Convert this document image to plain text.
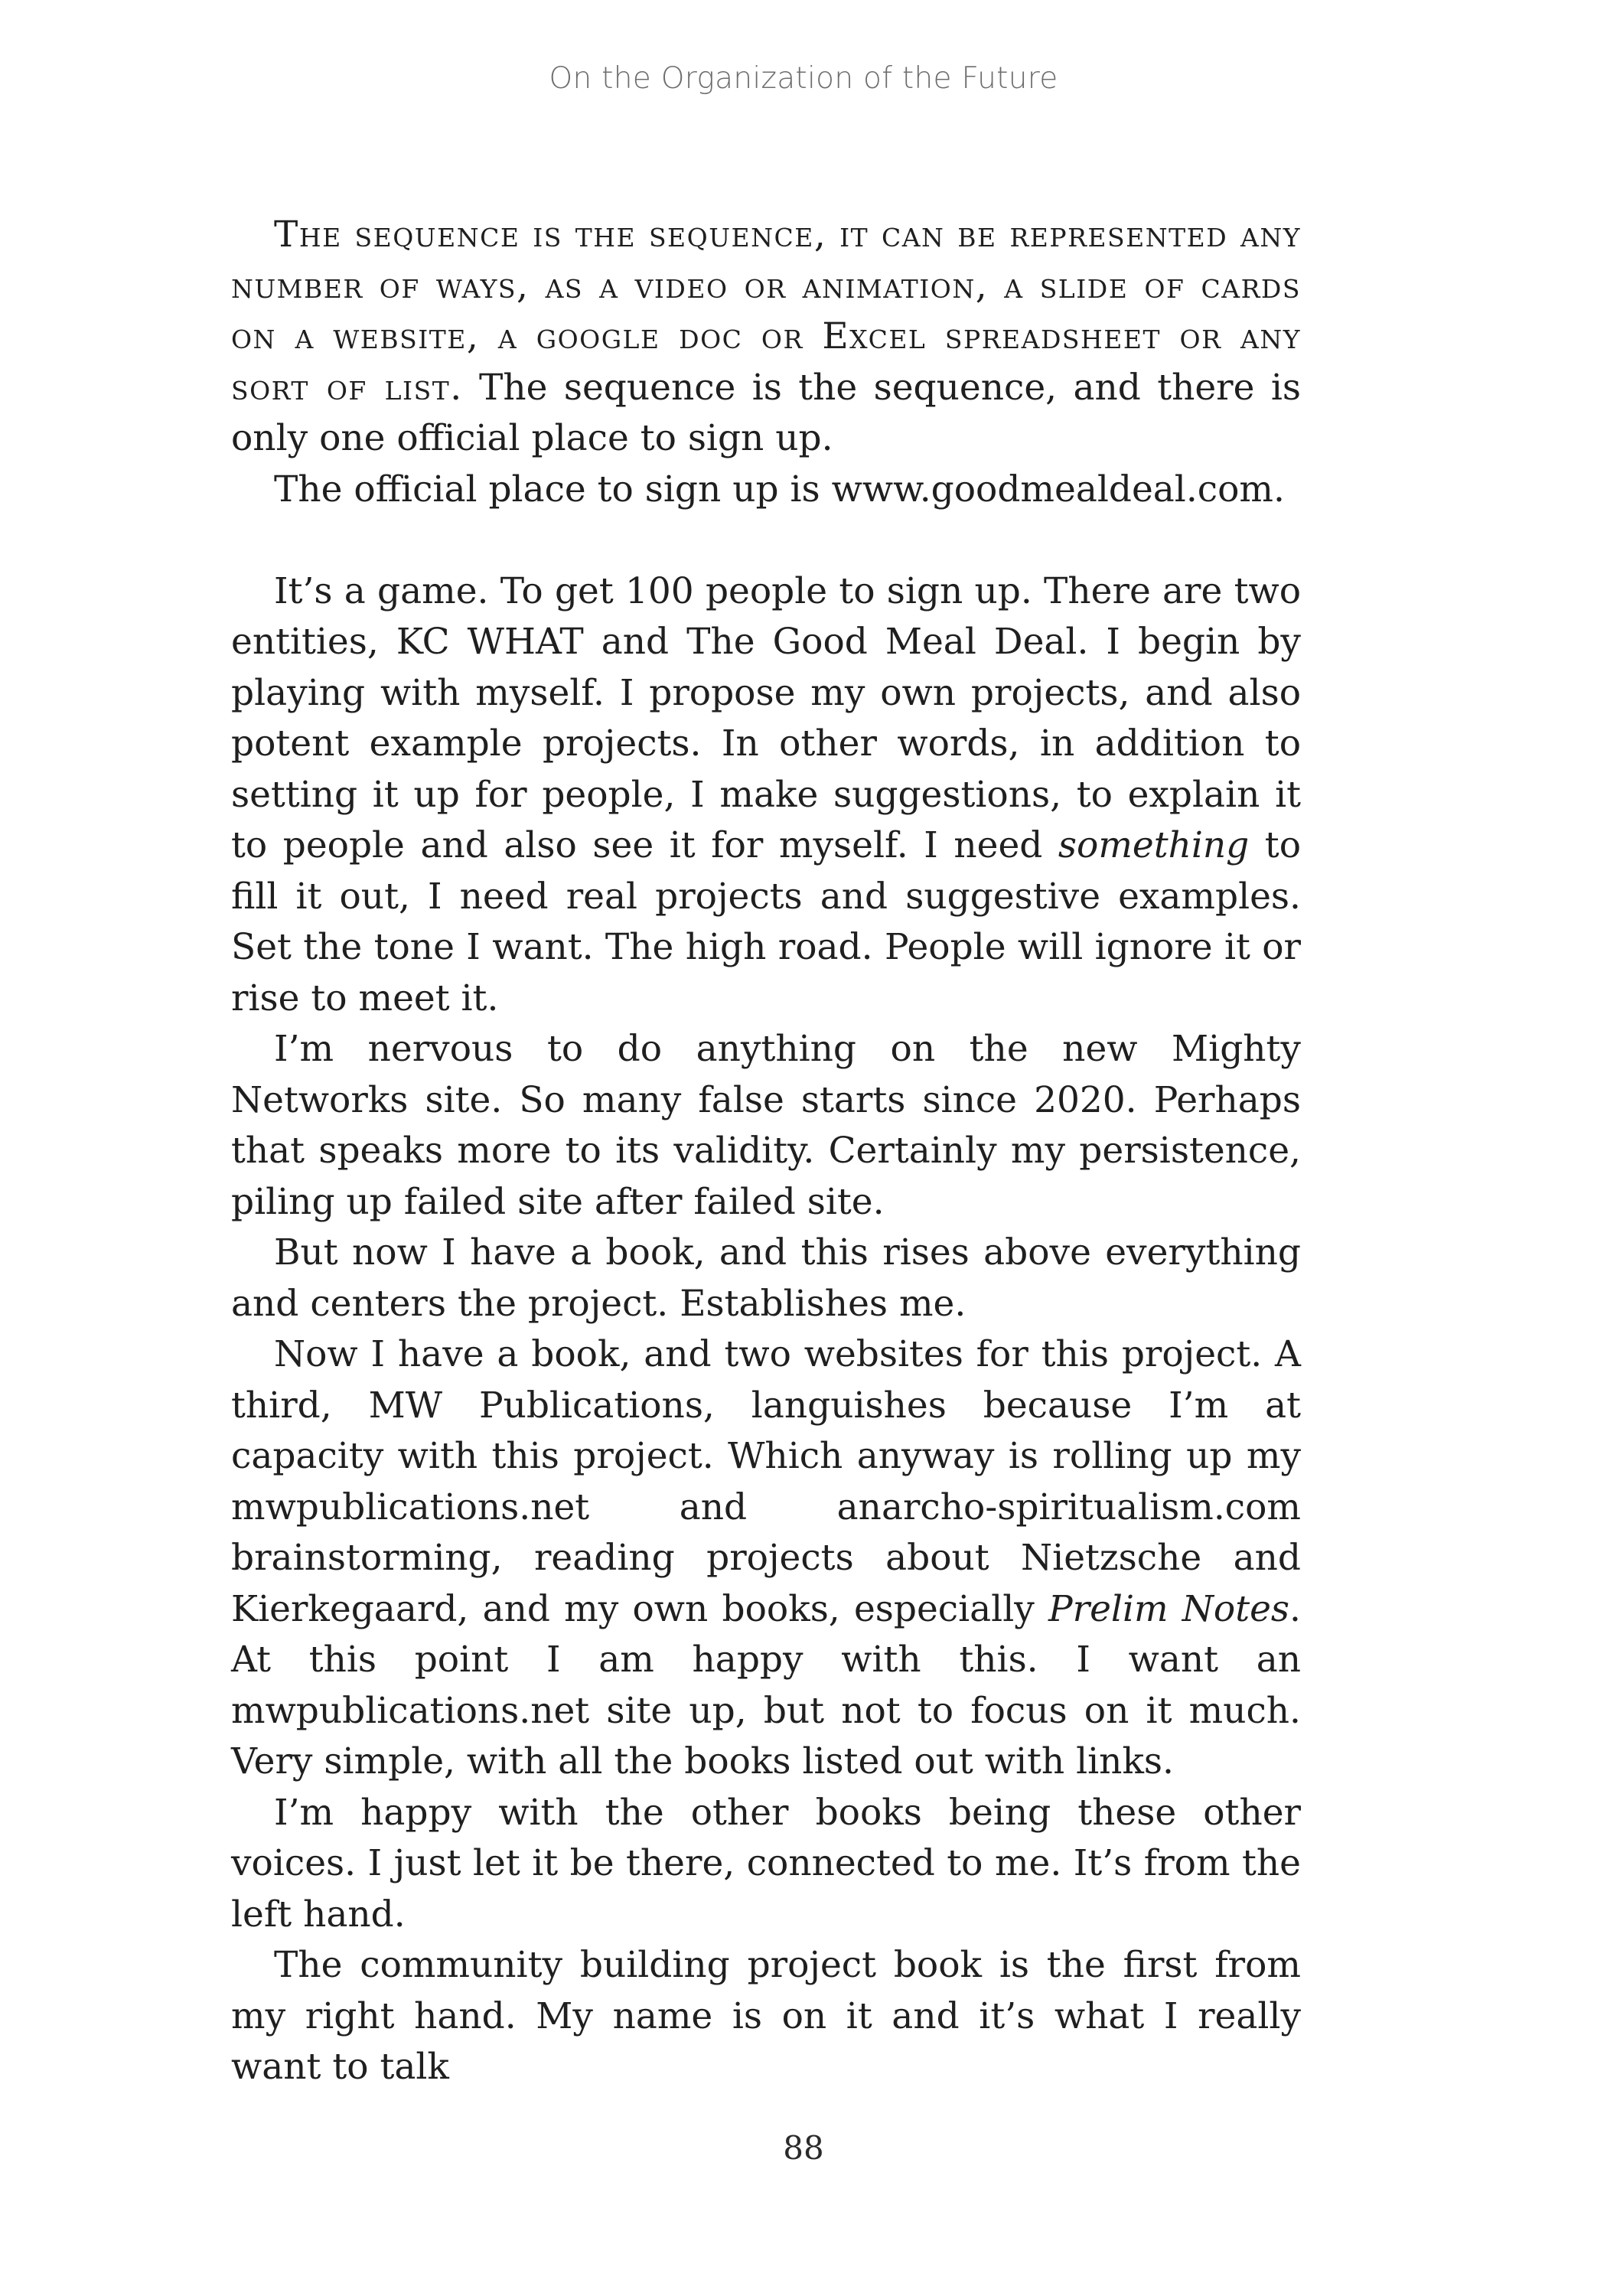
On the Organization of the Future

The sequence is the sequence, it can be represented any number of ways, as a video or animation, a slide of cards on a website, a google doc or Excel spreadsheet or any sort of list. The sequence is the sequence, and there is only one official place to sign up.

The official place to sign up is www.goodmealdeal.com.

It’s a game. To get 100 people to sign up. There are two entities, KC WHAT and The Good Meal Deal. I begin by playing with myself. I propose my own projects, and also potent example projects. In other words, in addition to setting it up for people, I make suggestions, to explain it to people and also see it for myself. I need something to fill it out, I need real projects and suggestive examples. Set the tone I want. The high road. People will ignore it or rise to meet it.

I’m nervous to do anything on the new Mighty Networks site. So many false starts since 2020. Perhaps that speaks more to its validity. Certainly my persistence, piling up failed site after failed site.

But now I have a book, and this rises above everything and centers the project. Establishes me.

Now I have a book, and two websites for this project. A third, MW Publications, languishes because I’m at capacity with this project. Which anyway is rolling up my mwpublications.net and anarcho-spiritualism.com brainstorming, reading projects about Nietzsche and Kierkegaard, and my own books, especially Prelim Notes. At this point I am happy with this. I want an mwpublications.net site up, but not to focus on it much. Very simple, with all the books listed out with links.

I’m happy with the other books being these other voices. I just let it be there, connected to me. It’s from the left hand.

The community building project book is the first from my right hand. My name is on it and it’s what I really want to talk

88
